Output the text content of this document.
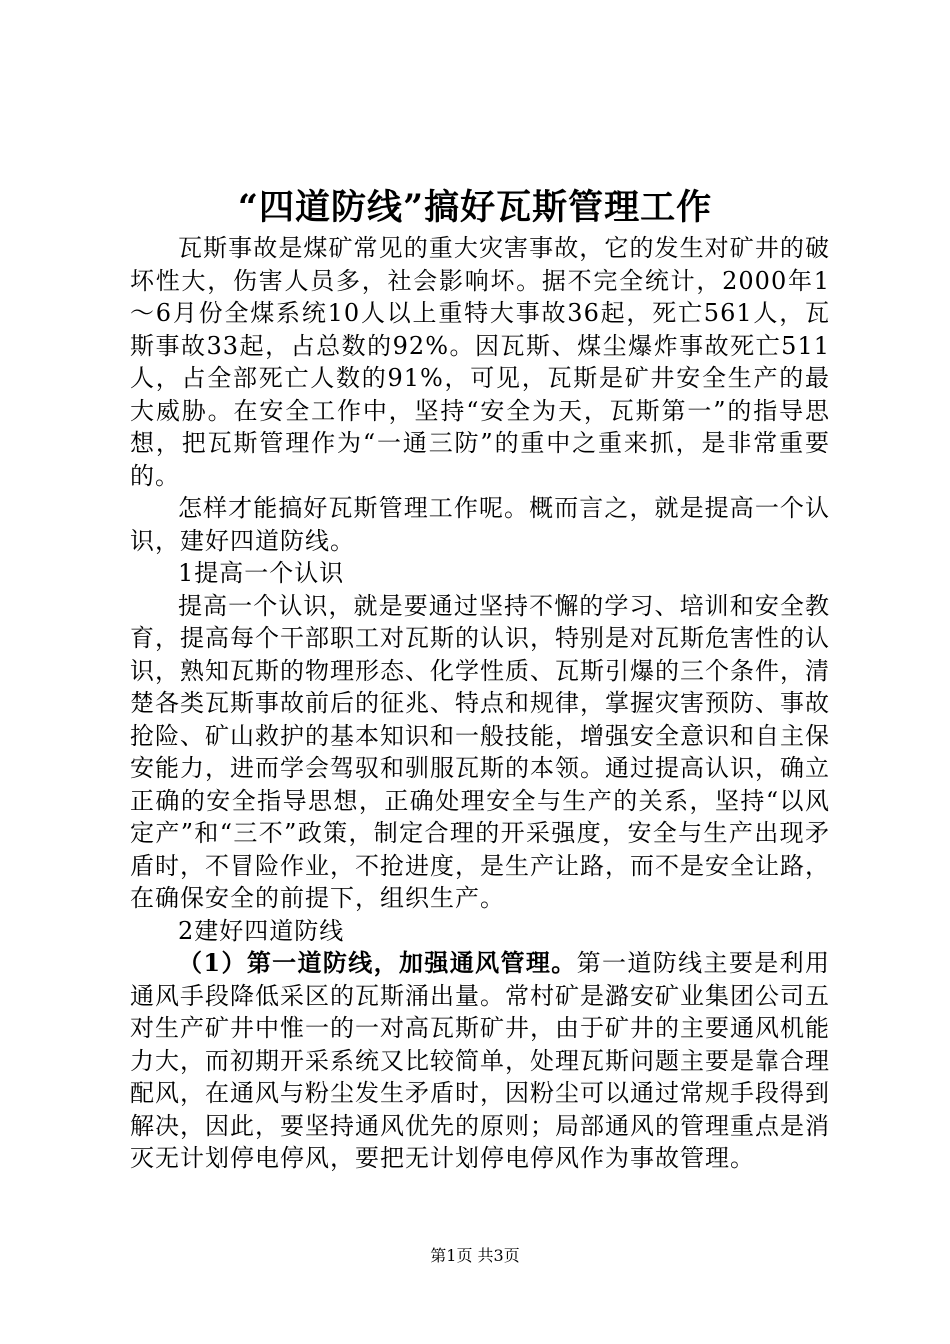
“四道防线”搞好瓦斯管理工作

瓦斯事故是煤矿常见的重大灾害事故，它的发生对矿井的破坏性大，伤害人员多，社会影响坏。据不完全统计，2000年1～6月份全煤系统10人以上重特大事故36起，死亡561人，瓦斯事故33起，占总数的92%。因瓦斯、煤尘爆炸事故死亡511人，占全部死亡人数的91%，可见，瓦斯是矿井安全生产的最大威胁。在安全工作中，坚持“安全为天，瓦斯第一”的指导思想，把瓦斯管理作为“一通三防”的重中之重来抓，是非常重要的。

怎样才能搞好瓦斯管理工作呢。概而言之，就是提高一个认识，建好四道防线。

1提高一个认识

提高一个认识，就是要通过坚持不懈的学习、培训和安全教育，提高每个干部职工对瓦斯的认识，特别是对瓦斯危害性的认识，熟知瓦斯的物理形态、化学性质、瓦斯引爆的三个条件，清楚各类瓦斯事故前后的征兆、特点和规律，掌握灾害预防、事故抢险、矿山救护的基本知识和一般技能，增强安全意识和自主保安能力，进而学会驾驭和驯服瓦斯的本领。通过提高认识，确立正确的安全指导思想，正确处理安全与生产的关系，坚持“以风定产”和“三不”政策，制定合理的开采强度，安全与生产出现矛盾时，不冒险作业，不抢进度，是生产让路，而不是安全让路，在确保安全的前提下，组织生产。

2建好四道防线

（1）第一道防线，加强通风管理。第一道防线主要是利用通风手段降低采区的瓦斯涌出量。常村矿是潞安矿业集团公司五对生产矿井中惟一的一对高瓦斯矿井，由于矿井的主要通风机能力大，而初期开采系统又比较简单，处理瓦斯问题主要是靠合理配风，在通风与粉尘发生矛盾时，因粉尘可以通过常规手段得到解决，因此，要坚持通风优先的原则；局部通风的管理重点是消灭无计划停电停风，要把无计划停电停风作为事故管理。

第1页 共3页
